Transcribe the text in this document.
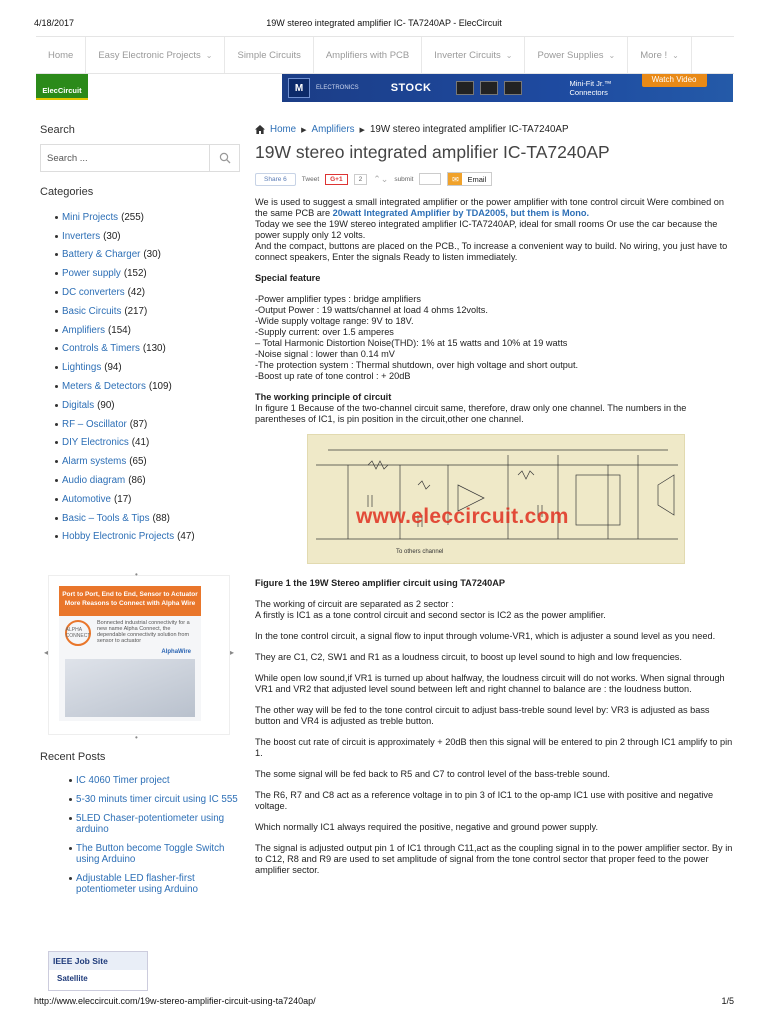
4/18/2017	19W stereo integrated amplifier IC- TA7240AP - ElecCircuit
Home	Easy Electronic Projects ⌄	Simple Circuits	Amplifiers with PCB	Inverter Circuits ⌄	Power Supplies ⌄	More ! ⌄
ElecCircuit	M	ELECTRONICS	STOCK	Mini-Fit Jr.™
Connectors
Watch Video
Search
Search ...
Categories
Mini Projects (255)
Inverters (30)
Battery & Charger (30)
Power supply (152)
DC converters (42)
Basic Circuits (217)
Amplifiers (154)
Controls & Timers (130)
Lightings (94)
Meters & Detectors (109)
Digitals (90)
RF – Oscillator (87)
DIY Electronics (41)
Alarm systems (65)
Audio diagram (86)
Automotive (17)
Basic – Tools & Tips (88)
Hobby Electronic Projects (47)
•
◂	▸
•
Port to Port, End to End, Sensor to Actuator
More Reasons to Connect with Alpha Wire
ALPHA CONNECT
Bonnected industrial connectivity for a new name Alpha Connect, the dependable connectivity solution from sensor to actuator
AlphaWire
Recent Posts
IC 4060 Timer project
5-30 minuts timer circuit using IC 555
5LED Chaser-potentiometer using arduino
The Button become Toggle Switch using Arduino
Adjustable LED flasher-first potentiometer using Arduino
IEEE Job Site
Satellite
Home ▶ Amplifiers ▶ 19W stereo integrated amplifier IC-TA7240AP
19W stereo integrated amplifier IC-TA7240AP
Share 6	Tweet	G+1	2	⌃⌄ submit	✉	Email

We is used to suggest a small integrated amplifier or the power amplifier with tone control circuit Were combined on the same PCB are 20watt Integrated Amplifier by TDA2005, but them is Mono.

Today we see the 19W stereo integrated amplifier IC-TA7240AP, ideal for small rooms Or use the car because the power supply only 12 volts.

And the compact, buttons are placed on the PCB., To increase a convenient way to build. No wiring, you just have to connect speakers, Enter the signals Ready to listen immediately.

Special feature

-Power amplifier types : bridge amplifiers

-Output Power : 19 watts/channel at load 4 ohms 12volts.

-Wide supply voltage range: 9V to 18V.

-Supply current: over 1.5 amperes

– Total Harmonic Distortion Noise(THD): 1% at 15 watts and 10% at 19 watts

-Noise signal : lower than 0.14 mV

-The protection system : Thermal shutdown, over high voltage and short output.

-Boost up rate of tone control : + 20dB

The working principle of circuit

In figure 1 Because of the two-channel circuit same, therefore, draw only one channel. The numbers in the parentheses of IC1, is pin position in the circuit,other one channel.

www.eleccircuit.com
To others channel

Figure 1 the 19W Stereo amplifier circuit using TA7240AP

The working of circuit are separated as 2 sector :
A firstly is IC1 as a tone control circuit and second sector is IC2 as the power amplifier.

In the tone control circuit, a signal flow to input through volume-VR1, which is adjuster a sound level as you need.

They are C1, C2, SW1 and R1 as a loudness circuit, to boost up level sound to high and low frequencies.

While open low sound,if VR1 is turned up about halfway, the loudness circuit will do not works. When signal through VR1 and VR2 that adjusted level sound between left and right channel to balance are : the loudness button.

The other way will be fed to the tone control circuit to adjust bass-treble sound level by: VR3 is adjusted as bass button and VR4 is adjusted as treble button.

The boost cut rate of circuit is approximately + 20dB then this signal will be entered to pin 2 through IC1 amplify to pin 1.

The some signal will be fed back to R5 and C7 to control level of the bass-treble sound.

The R6, R7 and C8 act as a reference voltage in to pin 3 of IC1 to the op-amp IC1 use with positive and negative voltage.

Which normally IC1 always required the positive, negative and ground power supply.

The signal is adjusted output pin 1 of IC1 through C11,act as the coupling signal in to the power amplifier sector. By in to C12, R8 and R9 are used to set amplitude of signal from the tone control sector that proper feed to the power amplifier sector.

http://www.eleccircuit.com/19w-stereo-amplifier-circuit-using-ta7240ap/	1/5
